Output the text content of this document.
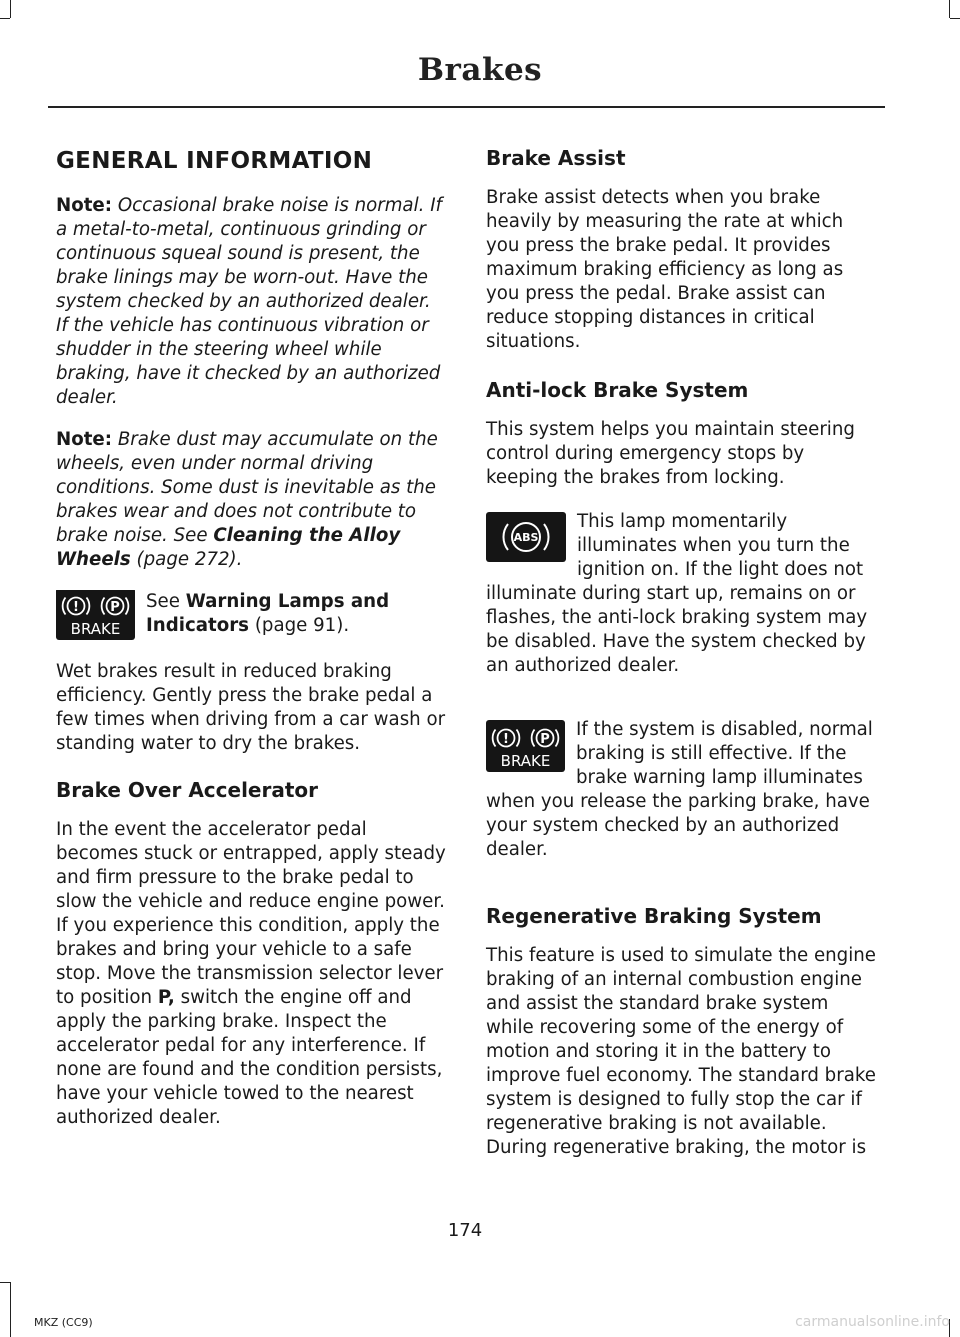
Brakes
GENERAL INFORMATION

Note: Occasional brake noise is normal. If a metal-to-metal, continuous grinding or continuous squeal sound is present, the brake linings may be worn-out. Have the system checked by an authorized dealer. If the vehicle has continuous vibration or shudder in the steering wheel while braking, have it checked by an authorized dealer.

Note: Brake dust may accumulate on the wheels, even under normal driving conditions. Some dust is inevitable as the brakes wear and does not contribute to brake noise. See Cleaning the Alloy Wheels (page 272).

! P
BRAKE

See Warning Lamps and Indicators (page 91).

Wet brakes result in reduced braking efficiency. Gently press the brake pedal a few times when driving from a car wash or standing water to dry the brakes.

Brake Over Accelerator

In the event the accelerator pedal becomes stuck or entrapped, apply steady and firm pressure to the brake pedal to slow the vehicle and reduce engine power. If you experience this condition, apply the brakes and bring your vehicle to a safe stop. Move the transmission selector lever to position P, switch the engine off and apply the parking brake. Inspect the accelerator pedal for any interference. If none are found and the condition persists, have your vehicle towed to the nearest authorized dealer.

Brake Assist

Brake assist detects when you brake heavily by measuring the rate at which you press the brake pedal. It provides maximum braking efficiency as long as you press the pedal. Brake assist can reduce stopping distances in critical situations.

Anti-lock Brake System

This system helps you maintain steering control during emergency stops by keeping the brakes from locking.

ABS

This lamp momentarily illuminates when you turn the ignition on. If the light does not illuminate during start up, remains on or flashes, the anti-lock braking system may be disabled. Have the system checked by an authorized dealer.

! P
BRAKE

If the system is disabled, normal braking is still effective. If the brake warning lamp illuminates when you release the parking brake, have your system checked by an authorized dealer.

Regenerative Braking System

This feature is used to simulate the engine braking of an internal combustion engine and assist the standard brake system while recovering some of the energy of motion and storing it in the battery to improve fuel economy. The standard brake system is designed to fully stop the car if regenerative braking is not available. During regenerative braking, the motor is

174
MKZ (CC9)	carmanualsonline.info
